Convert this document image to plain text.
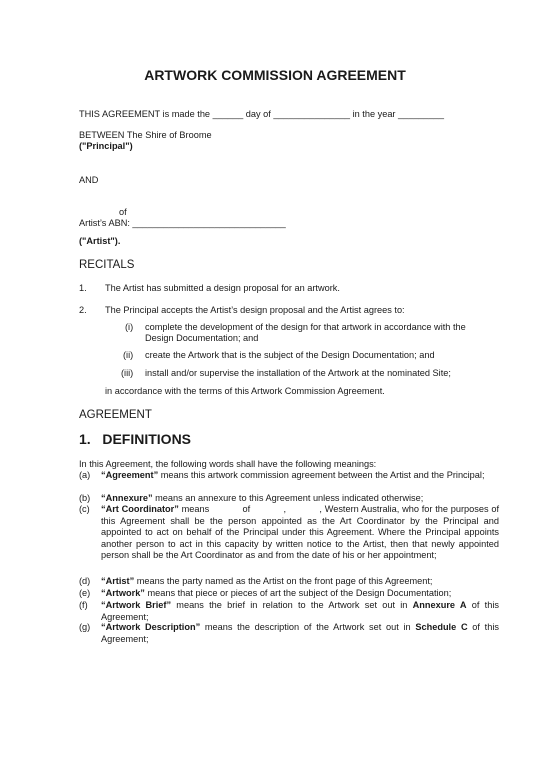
ARTWORK COMMISSION AGREEMENT
THIS AGREEMENT is made the ______ day of _______________ in the year _________
BETWEEN The Shire of Broome
("Principal")
AND
of
Artist’s ABN: ______________________________
("Artist").
RECITALS
1. The Artist has submitted a design proposal for an artwork.
2. The Principal accepts the Artist’s design proposal and the Artist agrees to:
(i) complete the development of the design for that artwork in accordance with the
Design Documentation; and
(ii) create the Artwork that is the subject of the Design Documentation; and
(iii) install and/or supervise the installation of the Artwork at the nominated Site;
in accordance with the terms of this Artwork Commission Agreement.
AGREEMENT
1.   DEFINITIONS
In this Agreement, the following words shall have the following meanings:
(a) “Agreement” means this artwork commission agreement between the Artist and the Principal;
(b) “Annexure” means an annexure to this Agreement unless indicated otherwise;
(c) “Art Coordinator” means            of            ,            , Western Australia, who for the purposes of this Agreement shall be the person appointed as the Art Coordinator by the Principal and appointed to act on behalf of the Principal under this Agreement. Where the Principal appoints another person to act in this capacity by written notice to the Artist, then that newly appointed person shall be the Art Coordinator as and from the date of his or her appointment;
(d) “Artist” means the party named as the Artist on the front page of this Agreement;
(e) “Artwork” means that piece or pieces of art the subject of the Design Documentation;
(f) “Artwork Brief” means the brief in relation to the Artwork set out in Annexure A of this Agreement;
(g) “Artwork Description” means the description of the Artwork set out in Schedule C of this Agreement;
